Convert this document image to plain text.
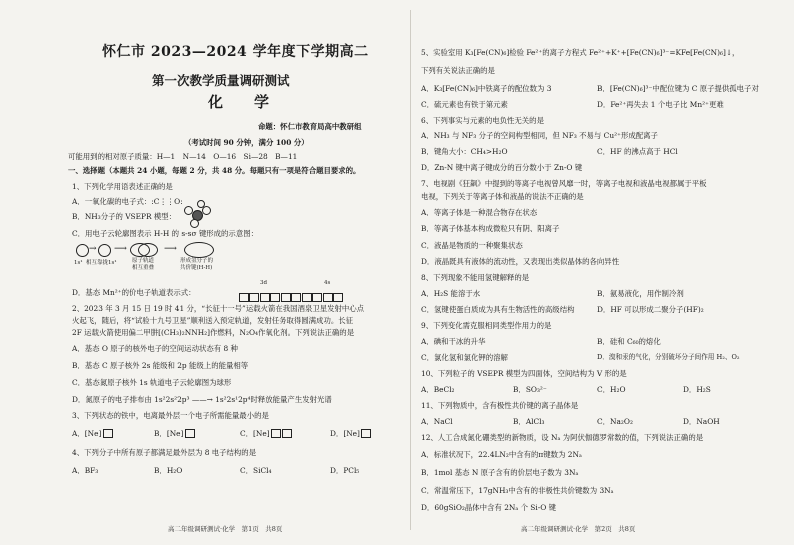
怀仁市 2023—2024 学年度下学期高二
第一次教学质量调研测试
化　学
命题：怀仁市教育局高中教研组
（考试时间 90 分钟，满分 100 分）
可能用到的相对原子质量：H—1　N—14　O—16　Si—28　B—11
一、选择题（本题共 24 小题，每题 2 分，共 48 分。每题只有一项是符合题目要求的。
1、下列化学用语表述正确的是
A．一氧化碳的电子式：:C⋮⋮O:
B．NH₃分子的 VSEPR 模型：
C．用电子云轮廓图表示 H-H 的 s-sσ 键形成的示意图：
→ ⟶	⟶
1s¹ 相互靠拢 1s¹	原子轨道
相互重叠
形成氢分子的
共价键(H-H)
3d	4s
D．基态 Mn²⁺的价电子轨道表示式：
2、2023 年 3 月 15 日 19 时 41 分，“长征十一号”运载火箭在我国酒泉卫星发射中心点
火起飞，随后，将“试验十九号卫星”顺利送入预定轨道，发射任务取得圆满成功。长征
2F 运载火箭使用偏二甲肼[(CH₃)₂NNH₂]作燃料，N₂O₄作氧化剂。下列说法正确的是
A．基态 O 原子的核外电子的空间运动状态有 8 种
B．基态 C 原子核外 2s 能级和 2p 能级上的能量相等
C．基态氮原子核外 1s 轨道电子云轮廓图为球形
D．氮原子的电子排布由 1s²2s²2p³ ——→ 1s²2s¹2p⁴时释放能量产生发射光谱
3、下列状态的铁中，电离最外层一个电子所需能量最小的是
A．[Ne]	B．[Ne]	C．[Ne]	D．[Ne]
4、下列分子中所有原子都满足最外层为 8 电子结构的是
A．BF₃	B．H₂O	C．SiCl₄	D．PCl₅
高二年级调研测试·化学　第1页　共8页
5、实验室用 K₃[Fe(CN)₆]检验 Fe²⁺的离子方程式 Fe²⁺+K⁺+[Fe(CN)₆]³⁻=KFe[Fe(CN)₆]↓，
下列有关说法正确的是
A．K₃[Fe(CN)₆]中铁离子的配位数为 3	B．[Fe(CN)₆]³⁻中配位键为 C 原子提供孤电子对
C．硫元素也有铁于第元素	D．Fe²⁺再失去 1 个电子比 Mn²⁺更难
6、下列事实与元素的电负性无关的是
A．NH₃ 与 NF₃ 分子的空间构型相同，但 NF₃ 不易与 Cu²⁺形成配离子
B．键角大小：CH₄>H₂O	C．HF 的沸点高于 HCl
D．Zn-N 键中离子键成分的百分数小于 Zn-O 键
7、电视剧《狂飙》中提到的等离子电视曾风靡一时，等离子电视和液晶电视都属于平板
电视，下列关于等离子体和液晶的说法不正确的是
A．等离子体是一种混合物存在状态
B．等离子体基本构成微粒只有阴、阳离子
C．液晶是物质的一种聚集状态
D．液晶既具有液体的流动性，又表现出类似晶体的各向异性
8、下列现象不能用氢键解释的是
A．H₂S 能溶于水	B．氨易液化，用作制冷剂
C．氢键使蛋白质成为具有生物活性的高级结构	D．HF 可以形成二聚分子(HF)₂
9、下列变化需克服相同类型作用力的是
A．碘和干冰的升华	B．硅和 C₆₀的熔化
C．氯化氢和氯化钾的溶解	D．溴和汞的气化，分别破坏分子间作用 H₂、O₂
10、下列粒子的 VSEPR 模型为四面体，空间结构为 V 形的是
A．BeCl₂	B．SO₃²⁻	C．H₂O	D．H₂S
11、下列物质中，含有极性共价键的离子晶体是
A．NaCl	B．AlCl₃	C．Na₂O₂	D．NaOH
12、人工合成氮化硼类型的新物质，设 Nₐ 为阿伏伽德罗常数的值，下列说法正确的是
A．标准状况下，22.4LN₂中含有的π键数为 2Nₐ
B．1mol 基态 N 原子含有的价层电子数为 3Nₐ
C．常温常压下，17gNH₃中含有的非极性共价键数为 3Nₐ
D．60gSiO₂晶体中含有 2Nₐ 个 Si-O 键
高二年级调研测试·化学　第2页　共8页
